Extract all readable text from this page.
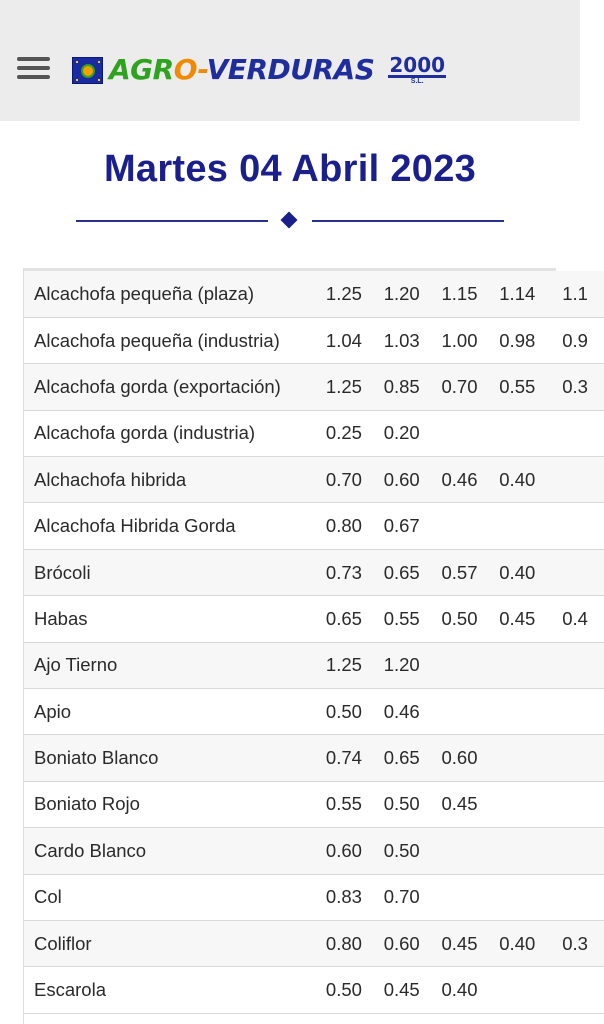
AGRO-VERDURAS 2000
S.L.
Martes 04 Abril 2023
Alcachofa pequeña (plaza)	1.25	1.20	1.15	1.14	1.1
Alcachofa pequeña (industria)	1.04	1.03	1.00	0.98	0.9
Alcachofa gorda (exportación)	1.25	0.85	0.70	0.55	0.3
Alcachofa gorda (industria)	0.25	0.20			
Alchachofa hibrida	0.70	0.60	0.46	0.40	
Alcachofa Hibrida Gorda	0.80	0.67			
Brócoli	0.73	0.65	0.57	0.40	
Habas	0.65	0.55	0.50	0.45	0.4
Ajo Tierno	1.25	1.20			
Apio	0.50	0.46			
Boniato Blanco	0.74	0.65	0.60		
Boniato Rojo	0.55	0.50	0.45		
Cardo Blanco	0.60	0.50			
Col	0.83	0.70			
Coliflor	0.80	0.60	0.45	0.40	0.3
Escarola	0.50	0.45	0.40		
